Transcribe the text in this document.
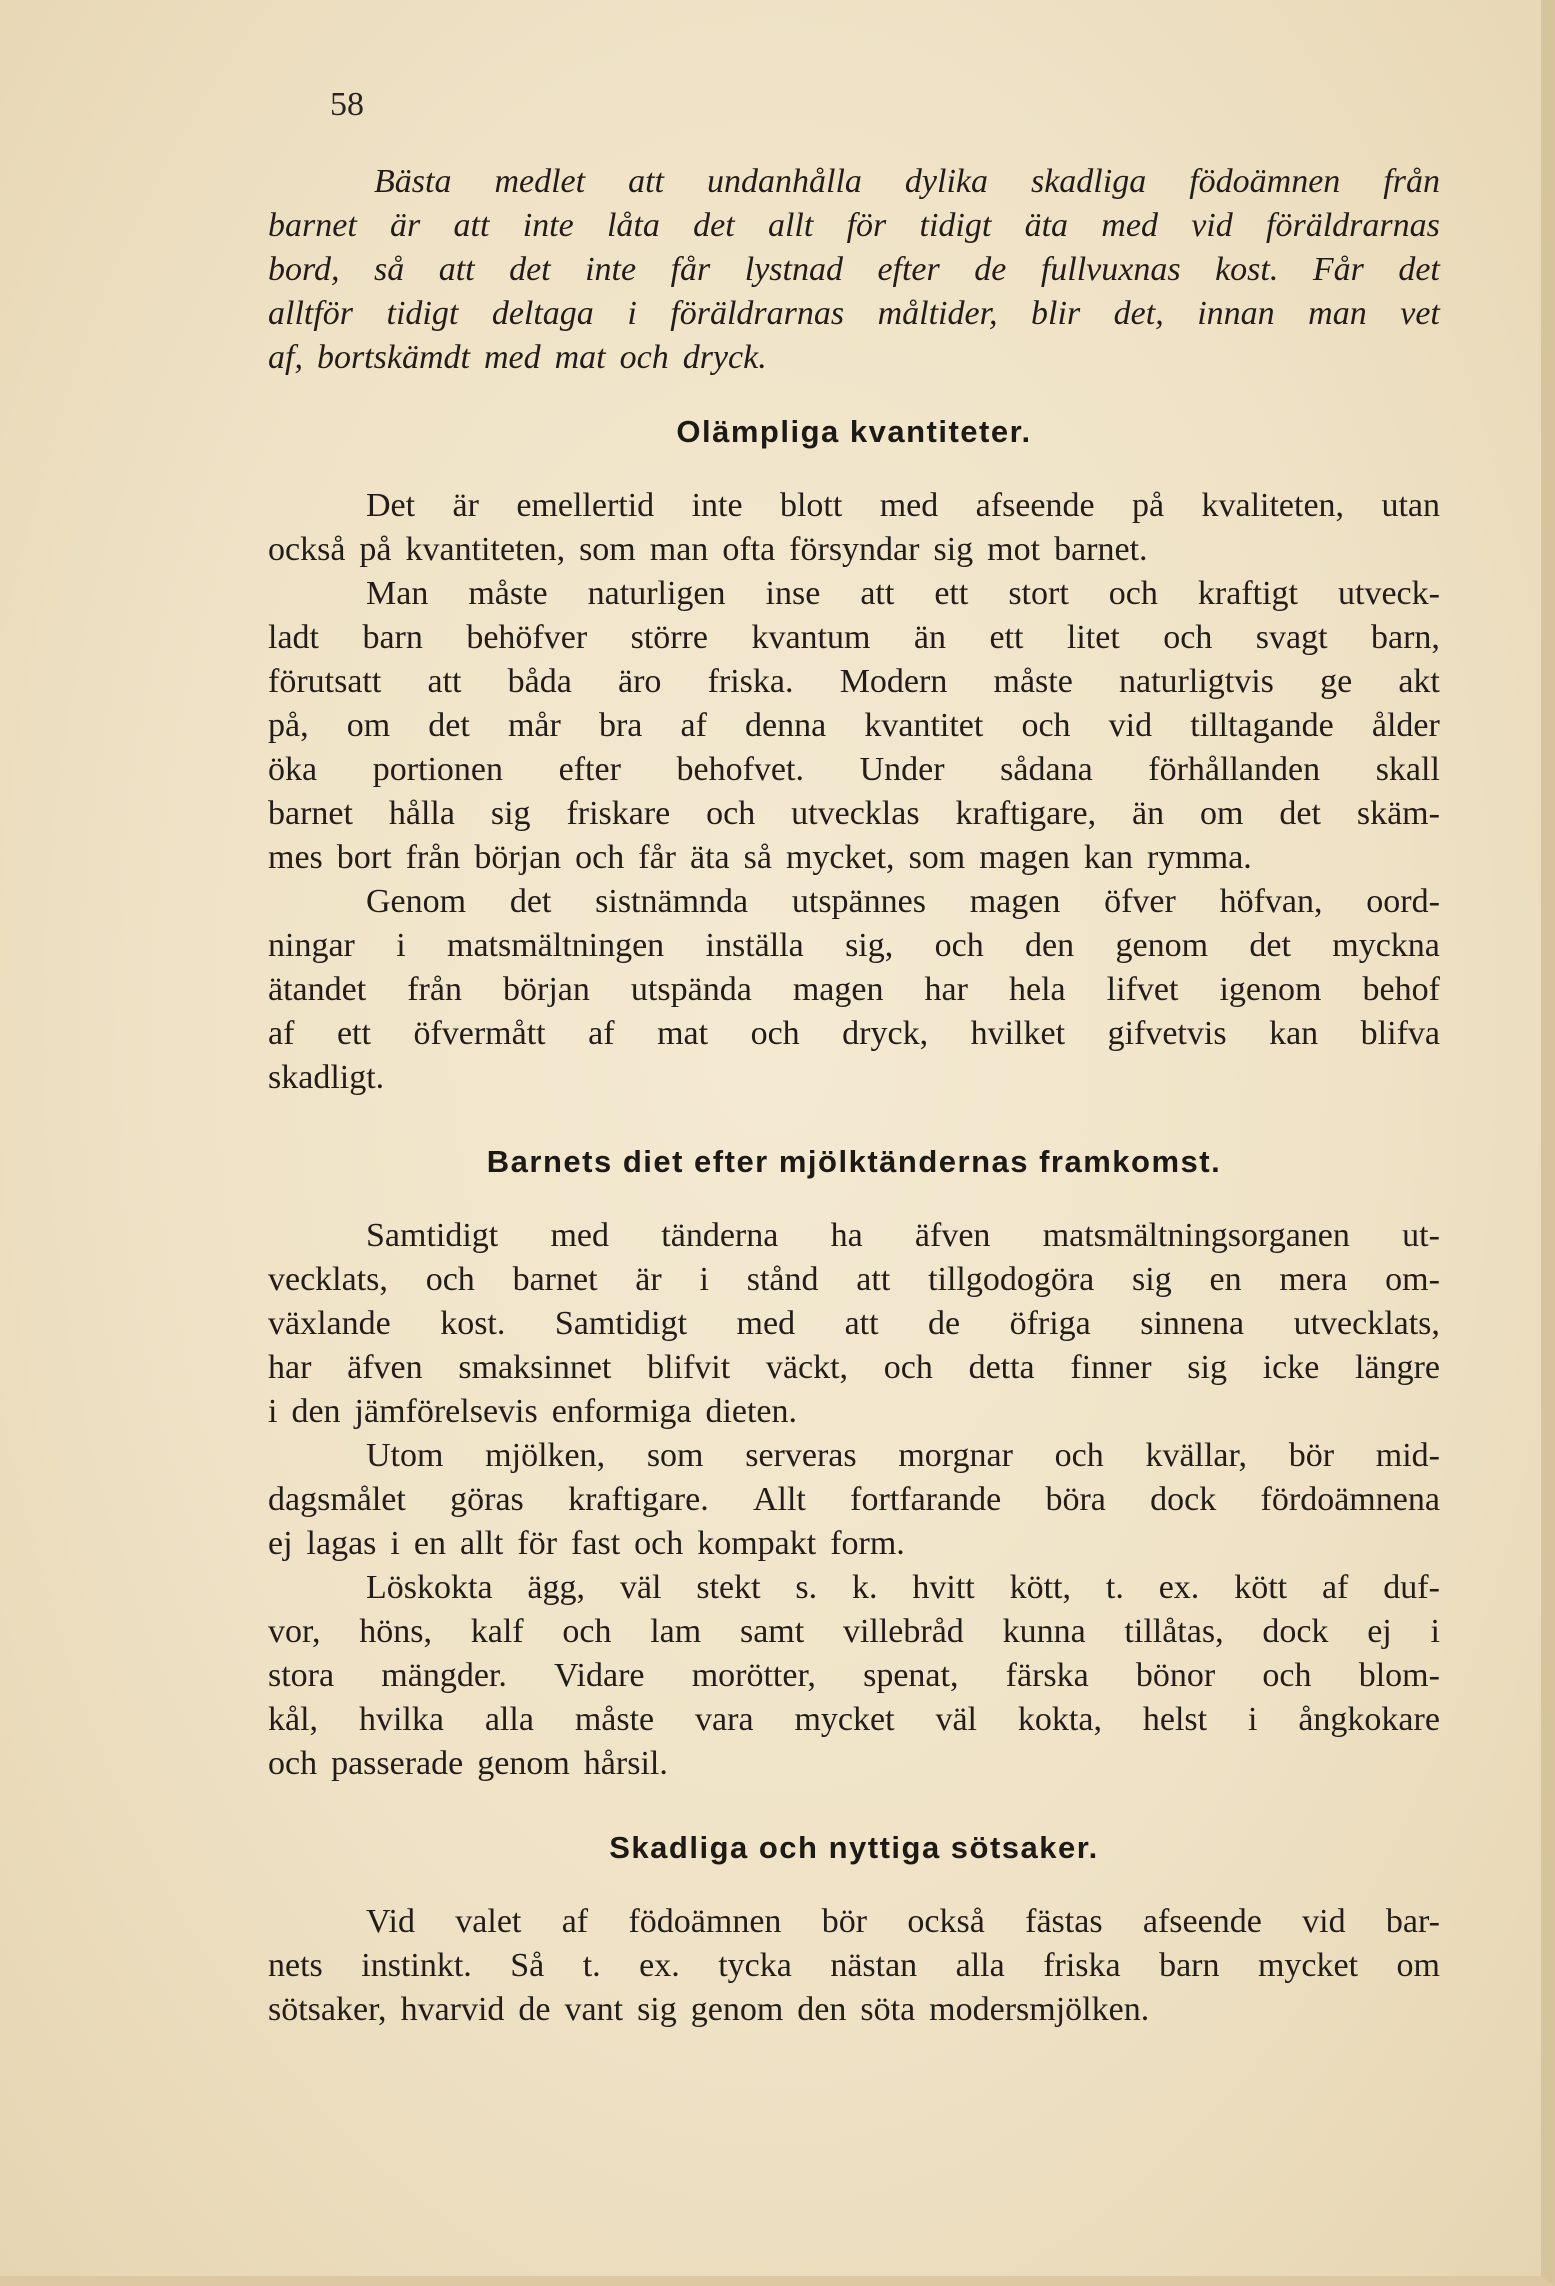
58
Bästa medlet att undanhålla dylika skadliga födoämnen från
barnet är att inte låta det allt för tidigt äta med vid föräldrarnas
bord, så att det inte får lystnad efter de fullvuxnas kost. Får det
alltför tidigt deltaga i föräldrarnas måltider, blir det, innan man vet
af, bortskämdt med mat och dryck.
Olämpliga kvantiteter.
Det är emellertid inte blott med afseende på kvaliteten, utan
också på kvantiteten, som man ofta försyndar sig mot barnet.
Man måste naturligen inse att ett stort och kraftigt utveck-
ladt barn behöfver större kvantum än ett litet och svagt barn,
förutsatt att båda äro friska. Modern måste naturligtvis ge akt
på, om det mår bra af denna kvantitet och vid tilltagande ålder
öka portionen efter behofvet. Under sådana förhållanden skall
barnet hålla sig friskare och utvecklas kraftigare, än om det skäm-
mes bort från början och får äta så mycket, som magen kan rymma.
Genom det sistnämnda utspännes magen öfver höfvan, oord-
ningar i matsmältningen inställa sig, och den genom det myckna
ätandet från början utspända magen har hela lifvet igenom behof
af ett öfvermått af mat och dryck, hvilket gifvetvis kan blifva
skadligt.
Barnets diet efter mjölktändernas framkomst.
Samtidigt med tänderna ha äfven matsmältningsorganen ut-
vecklats, och barnet är i stånd att tillgodogöra sig en mera om-
växlande kost. Samtidigt med att de öfriga sinnena utvecklats,
har äfven smaksinnet blifvit väckt, och detta finner sig icke längre
i den jämförelsevis enformiga dieten.
Utom mjölken, som serveras morgnar och kvällar, bör mid-
dagsmålet göras kraftigare. Allt fortfarande böra dock fördoämnena
ej lagas i en allt för fast och kompakt form.
Löskokta ägg, väl stekt s. k. hvitt kött, t. ex. kött af duf-
vor, höns, kalf och lam samt villebråd kunna tillåtas, dock ej i
stora mängder. Vidare morötter, spenat, färska bönor och blom-
kål, hvilka alla måste vara mycket väl kokta, helst i ångkokare
och passerade genom hårsil.
Skadliga och nyttiga sötsaker.
Vid valet af födoämnen bör också fästas afseende vid bar-
nets instinkt. Så t. ex. tycka nästan alla friska barn mycket om
sötsaker, hvarvid de vant sig genom den söta modersmjölken.
